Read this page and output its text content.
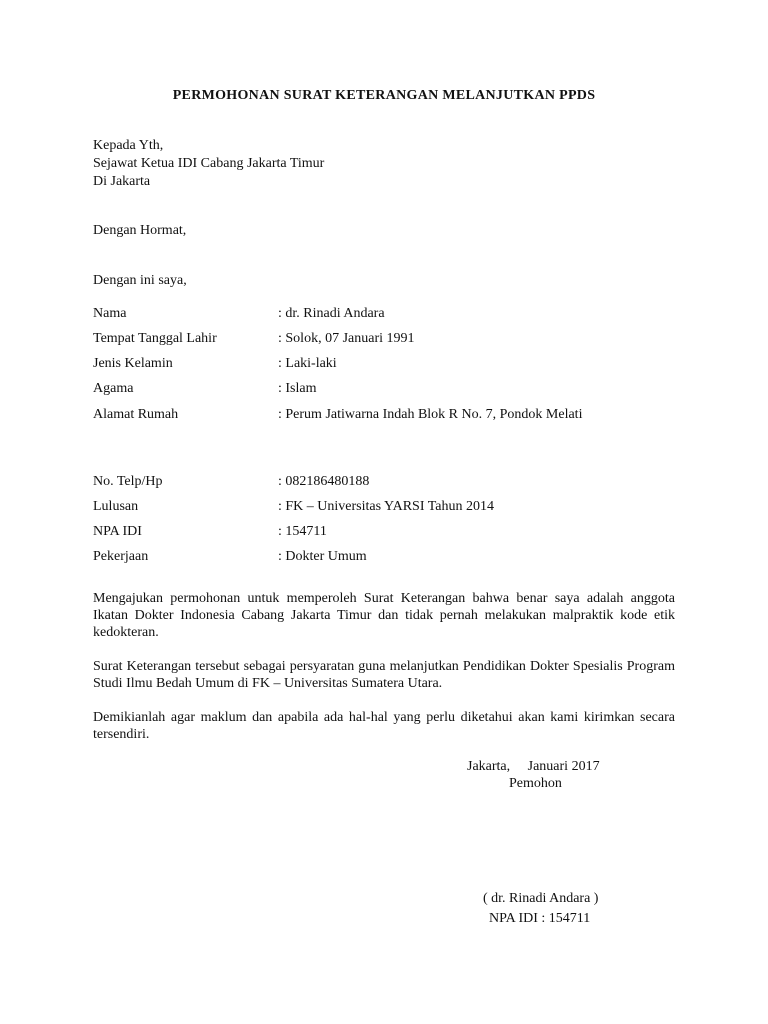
PERMOHONAN SURAT KETERANGAN MELANJUTKAN PPDS
Kepada Yth,
Sejawat Ketua IDI Cabang Jakarta Timur
Di Jakarta
Dengan Hormat,
Dengan ini saya,
Nama	: dr. Rinadi Andara
Tempat Tanggal Lahir	: Solok, 07 Januari 1991
Jenis Kelamin	: Laki-laki
Agama	: Islam
Alamat Rumah	: Perum Jatiwarna Indah Blok R No. 7, Pondok Melati
No. Telp/Hp	: 082186480188
Lulusan	: FK – Universitas YARSI Tahun 2014
NPA IDI	: 154711
Pekerjaan	: Dokter Umum
Mengajukan permohonan untuk memperoleh Surat Keterangan bahwa benar saya adalah anggota Ikatan Dokter Indonesia Cabang Jakarta Timur dan tidak pernah melakukan malpraktik kode etik kedokteran.
Surat Keterangan tersebut sebagai persyaratan guna melanjutkan Pendidikan Dokter Spesialis Program Studi Ilmu Bedah Umum di FK – Universitas Sumatera Utara.
Demikianlah agar maklum dan apabila ada hal-hal yang perlu diketahui akan kami kirimkan secara tersendiri.
Jakarta,     Januari 2017
Pemohon
( dr. Rinadi Andara )
NPA IDI : 154711
